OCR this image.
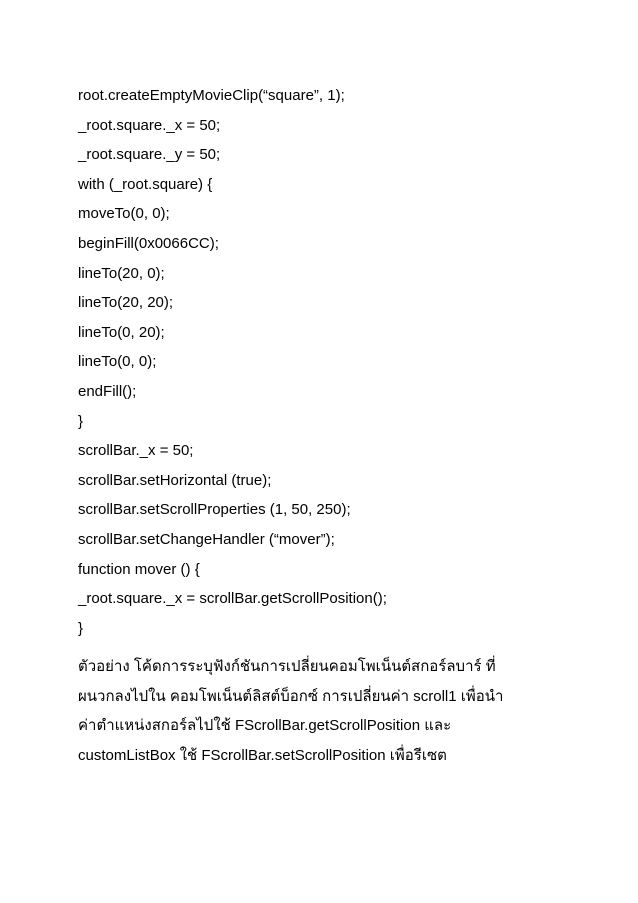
root.createEmptyMovieClip(“square”, 1);
_root.square._x = 50;
_root.square._y = 50;
with (_root.square) {
moveTo(0, 0);
beginFill(0x0066CC);
lineTo(20, 0);
lineTo(20, 20);
lineTo(0, 20);
lineTo(0, 0);
endFill();
}
scrollBar._x = 50;
scrollBar.setHorizontal (true);
scrollBar.setScrollProperties (1, 50, 250);
scrollBar.setChangeHandler (“mover”);
function mover () {
_root.square._x = scrollBar.getScrollPosition();
}
ตัวอย่าง โค้ดการระบุฟังก์ชันการเปลี่ยนคอมโพเน็นต์สกอร์ลบาร์ ที่
ผนวกลงไปใน คอมโพเน็นต์ลิสต์บ็อกซ์ การเปลี่ยนค่า scroll1 เพื่อนำ
ค่าตำแหน่งสกอร์ลไปใช้ FScrollBar.getScrollPosition และ
customListBox ใช้ FScrollBar.setScrollPosition เพื่อรีเซต
